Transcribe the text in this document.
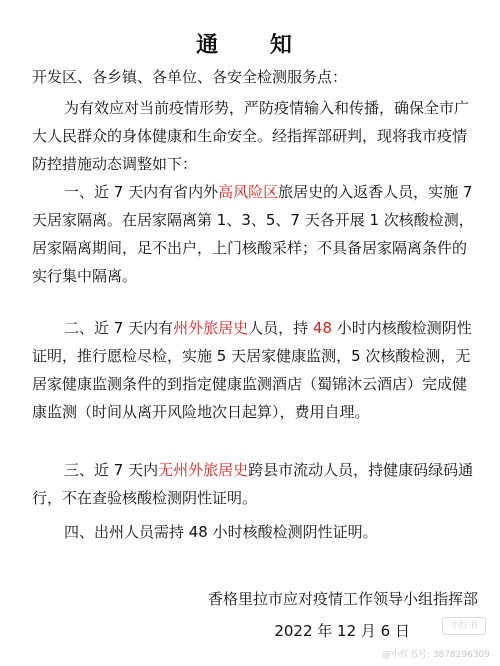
通 知
开发区、各乡镇、各单位、各安全检测服务点：

为有效应对当前疫情形势，严防疫情输入和传播，确保全市广大人民群众的身体健康和生命安全。经指挥部研判，现将我市疫情防控措施动态调整如下：

一、近 7 天内有省内外高风险区旅居史的入返香人员，实施 7 天居家隔离。在居家隔离第 1、3、5、7 天各开展 1 次核酸检测，居家隔离期间，足不出户，上门核酸采样；不具备居家隔离条件的实行集中隔离。

二、近 7 天内有州外旅居史人员，持 48 小时内核酸检测阴性证明，推行愿检尽检，实施 5 天居家健康监测，5 次核酸检测，无居家健康监测条件的到指定健康监测酒店（蜀锦沐云酒店）完成健康监测（时间从离开风险地次日起算），费用自理。

三、近 7 天内无州外旅居史跨县市流动人员，持健康码绿码通行，不在查验核酸检测阴性证明。

四、出州人员需持 48 小时核酸检测阴性证明。

香格里拉市应对疫情工作领导小组指挥部
2022 年 12 月 6 日	小红书
@小红书号: 3878296309
